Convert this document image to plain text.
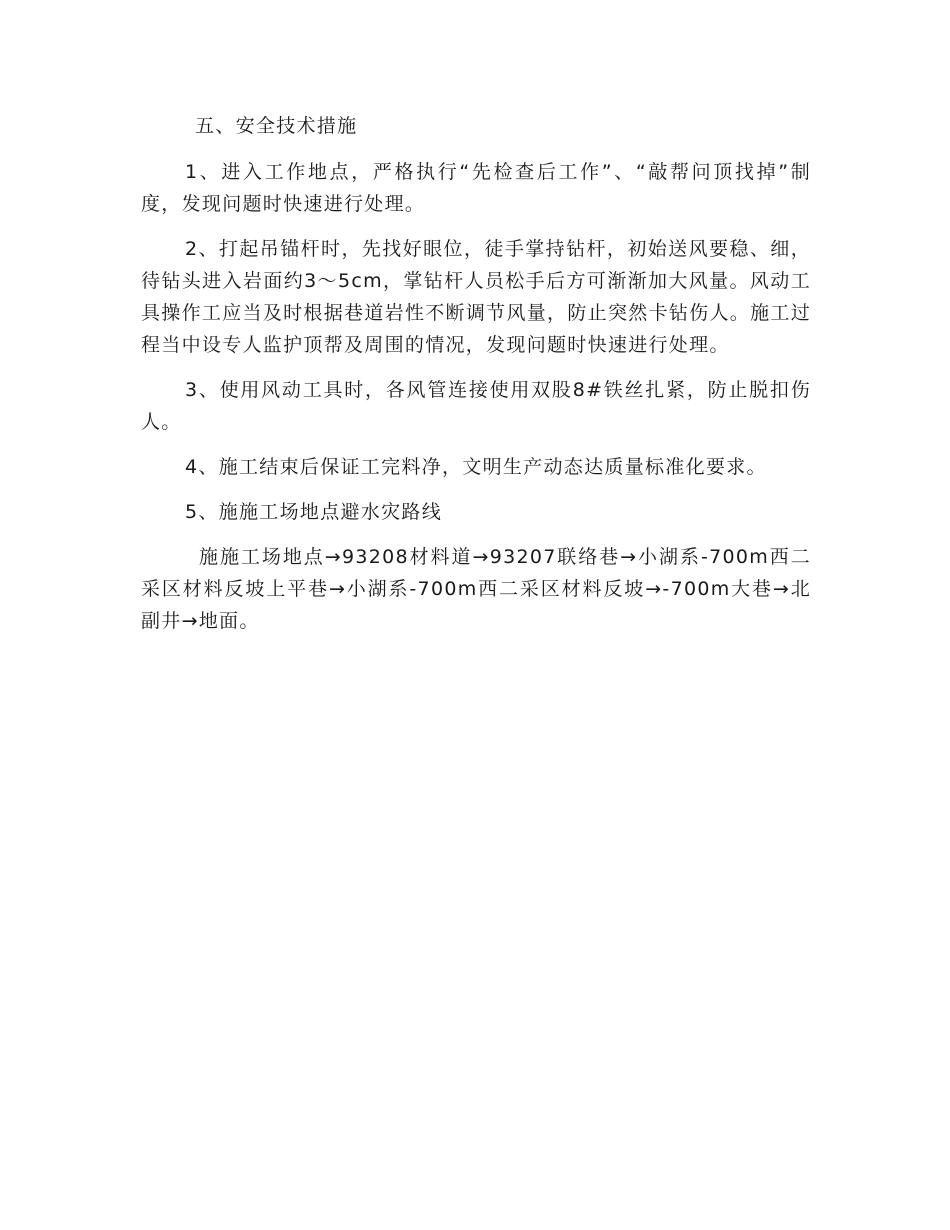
五、安全技术措施

1、进入工作地点，严格执行“先检查后工作”、“敲帮问顶找掉”制度，发现问题时快速进行处理。

2、打起吊锚杆时，先找好眼位，徒手掌持钻杆，初始送风要稳、细，待钻头进入岩面约3～5cm，掌钻杆人员松手后方可渐渐加大风量。风动工具操作工应当及时根据巷道岩性不断调节风量，防止突然卡钻伤人。施工过程当中设专人监护顶帮及周围的情况，发现问题时快速进行处理。

3、使用风动工具时，各风管连接使用双股8#铁丝扎紧，防止脱扣伤人。

4、施工结束后保证工完料净，文明生产动态达质量标准化要求。

5、施施工场地点避水灾路线

施施工场地点→93208材料道→93207联络巷→小湖系-700m西二采区材料反坡上平巷→小湖系-700m西二采区材料反坡→-700m大巷→北副井→地面。
